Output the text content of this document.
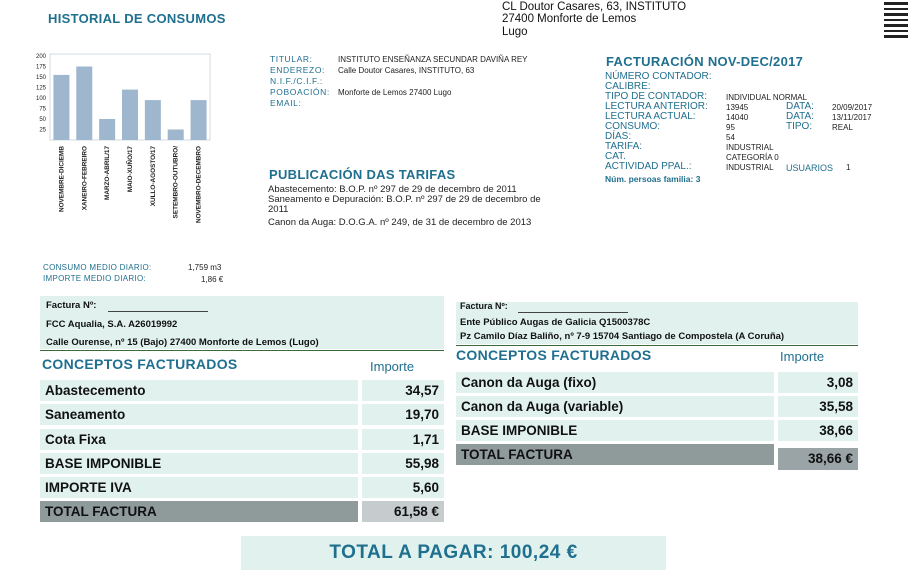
HISTORIAL DE CONSUMOS
200
175
150
125
100
75
50
25
NOVEMBRE-DICIEMB XANEIRO-FEBREIRO MARZO-ABRIL/17	MAIO-XUÑO/17 XULLO-AGOSTO/17 SETEMBRO-OUTUBRO/ NOVEMBRO-DECEMBRO
CL Doutor Casares, 63, INSTITUTO
27400 Monforte de Lemos
Lugo
TITULAR:	INSTITUTO ENSEÑANZA SECUNDAR DAVIÑA REY
ENDEREZO: Calle Doutor Casares, INSTITUTO, 63
N.I.F./C.I.F.:
POBOACIÓN: Monforte de Lemos 27400 Lugo
EMAIL:
FACTURACIÓN NOV-DEC/2017
NÚMERO CONTADOR:
CALIBRE:
TIPO DE CONTADOR: INDIVIDUAL NORMAL
LECTURA ANTERIOR: 13945	DATA: 20/09/2017
LECTURA ACTUAL:	14040	DATA: 13/11/2017
CONSUMO:	95	TIPO: REAL
DÍAS:	54
TARIFA:	INDUSTRIAL
CAT.	CATEGORÍA 0
ACTIVIDAD PPAL.:	INDUSTRIAL USUARIOS 1
Núm. persoas familia: 3
PUBLICACIÓN DAS TARIFAS
Abastecemento: B.O.P. nº 297 de 29 de decembro de 2011
Saneamento e Depuración: B.O.P. nº 297 de 29 de decembro de
2011
Canon da Auga: D.O.G.A. nº 249, de 31 de decembro de 2013
CONSUMO MEDIO DIARIO:	1,759 m3
IMPORTE MEDIO DIARIO:	1,86 €
Factura Nº:
FCC Aqualia, S.A. A26019992
Calle Ourense, nº 15 (Bajo) 27400 Monforte de Lemos (Lugo)
CONCEPTOS FACTURADOS	Importe
Abastecemento	34,57
Saneamento	19,70
Cota Fixa	1,71
BASE IMPONIBLE	55,98
IMPORTE IVA	5,60
TOTAL FACTURA	61,58 €
Factura Nº:
Ente Público Augas de Galicia Q1500378C
Pz Camilo Díaz Baliño, nº 7-9 15704 Santiago de Compostela (A Coruña)
CONCEPTOS FACTURADOS	Importe
Canon da Auga (fixo)	3,08
Canon da Auga (variable)	35,58
BASE IMPONIBLE	38,66
TOTAL FACTURA	38,66 €
TOTAL A PAGAR: 100,24 €
